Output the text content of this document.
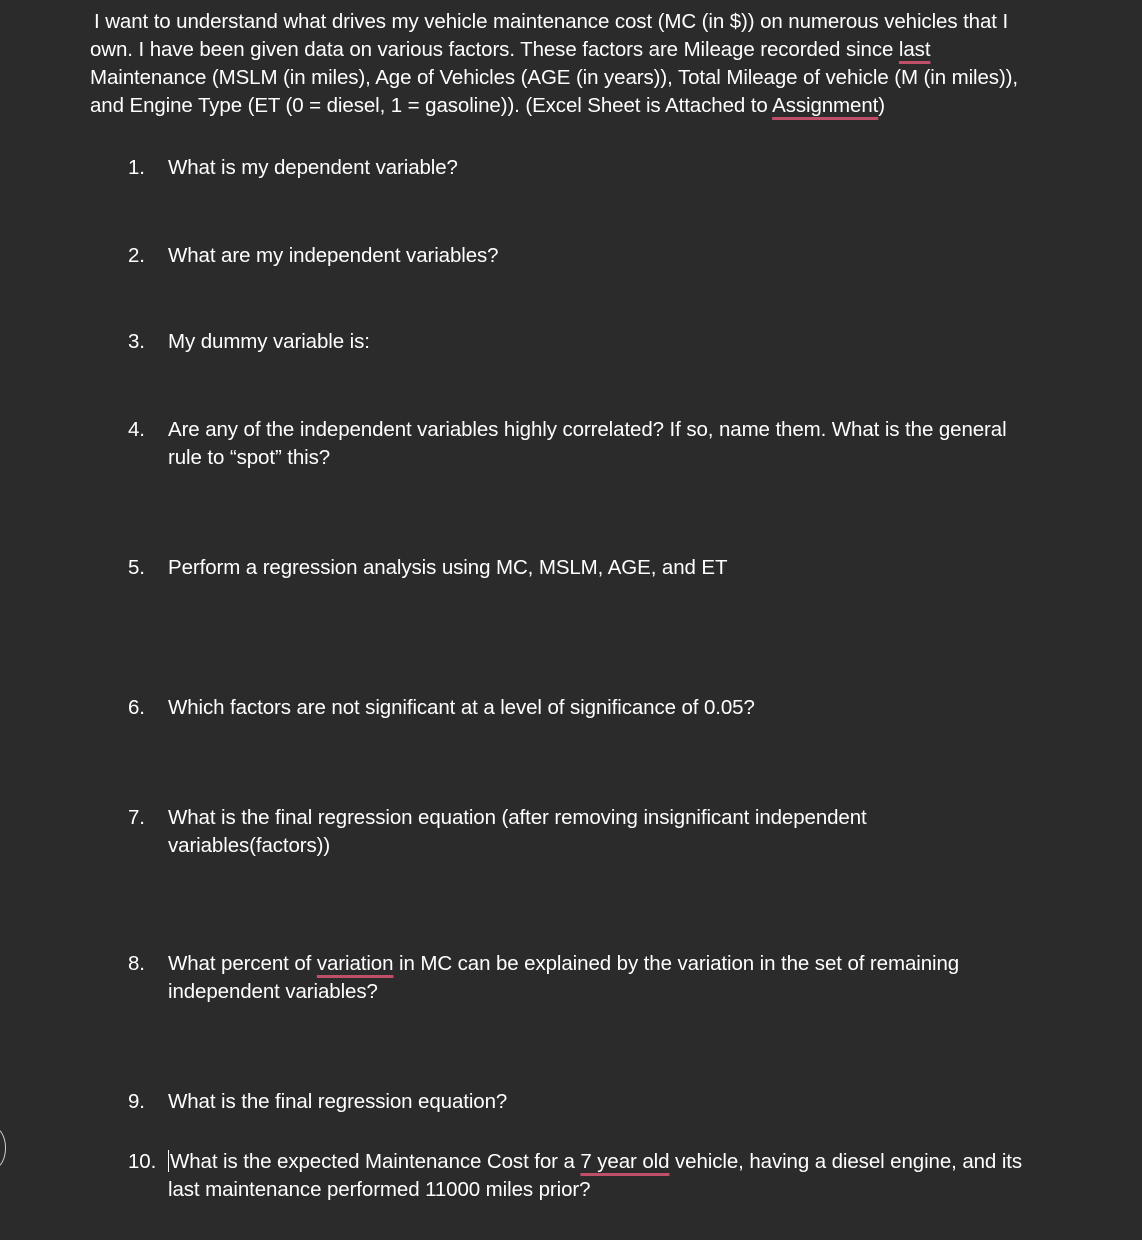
I want to understand what drives my vehicle maintenance cost (MC (in $)) on numerous vehicles that I
own. I have been given data on various factors. These factors are Mileage recorded since last
Maintenance (MSLM (in miles), Age of Vehicles (AGE (in years)), Total Mileage of vehicle (M (in miles)),
and Engine Type (ET (0 = diesel, 1 = gasoline)). (Excel Sheet is Attached to Assignment)
1.	What is my dependent variable?
2.	What are my independent variables?
3.	My dummy variable is:
4.	Are any of the independent variables highly correlated? If so, name them. What is the general
rule to “spot” this?
5.	Perform a regression analysis using MC, MSLM, AGE, and ET
6.	Which factors are not significant at a level of significance of 0.05?
7.	What is the final regression equation (after removing insignificant independent
variables(factors))
8.	What percent of variation in MC can be explained by the variation in the set of remaining
independent variables?
9.	What is the final regression equation?
10. What is the expected Maintenance Cost for a 7 year old vehicle, having a diesel engine, and its
last maintenance performed 11000 miles prior?
